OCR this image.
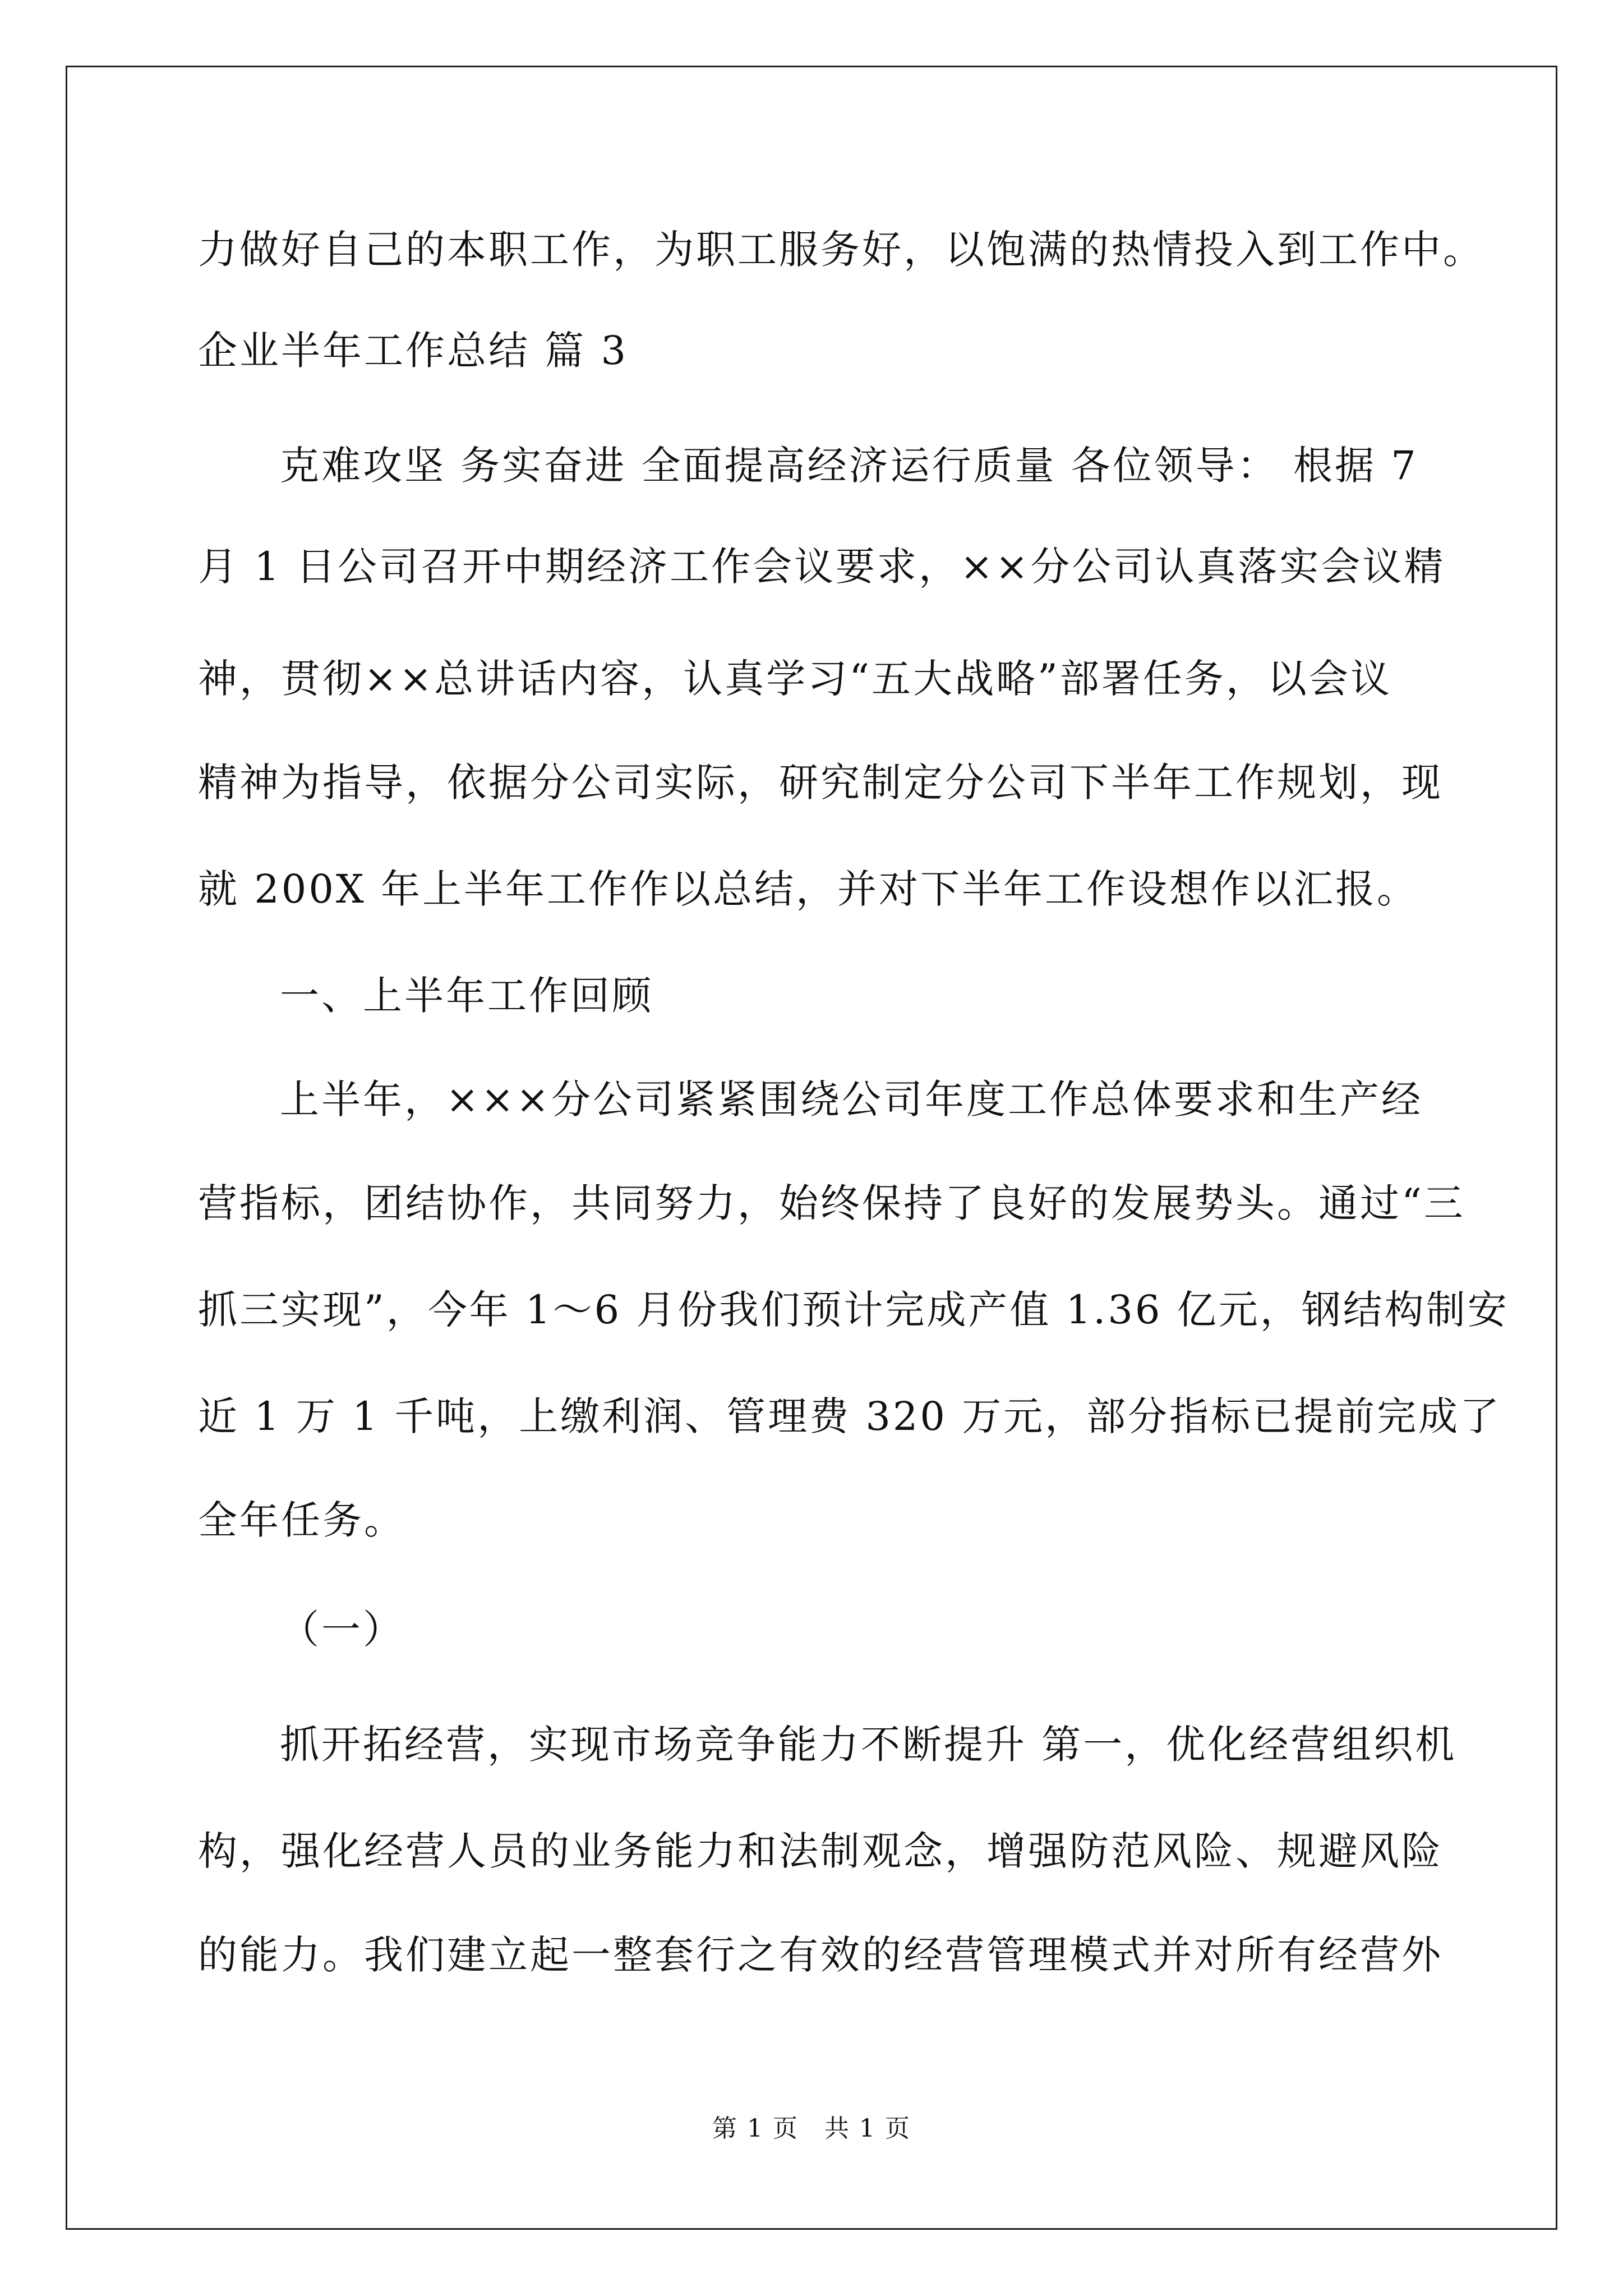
力做好自己的本职工作，为职工服务好，以饱满的热情投入到工作中。
企业半年工作总结 篇 3
克难攻坚 务实奋进 全面提高经济运行质量 各位领导： 根据 7
月 1 日公司召开中期经济工作会议要求，××分公司认真落实会议精
神，贯彻××总讲话内容，认真学习“五大战略”部署任务，以会议
精神为指导，依据分公司实际，研究制定分公司下半年工作规划，现
就 200X 年上半年工作作以总结，并对下半年工作设想作以汇报。
一、上半年工作回顾
上半年，×××分公司紧紧围绕公司年度工作总体要求和生产经
营指标，团结协作，共同努力，始终保持了良好的发展势头。通过“三
抓三实现”，今年 1～6 月份我们预计完成产值 1.36 亿元，钢结构制安
近 1 万 1 千吨，上缴利润、管理费 320 万元，部分指标已提前完成了
全年任务。
（一）
抓开拓经营，实现市场竞争能力不断提升 第一，优化经营组织机
构，强化经营人员的业务能力和法制观念，增强防范风险、规避风险
的能力。我们建立起一整套行之有效的经营管理模式并对所有经营外
第 1 页　共 1 页
